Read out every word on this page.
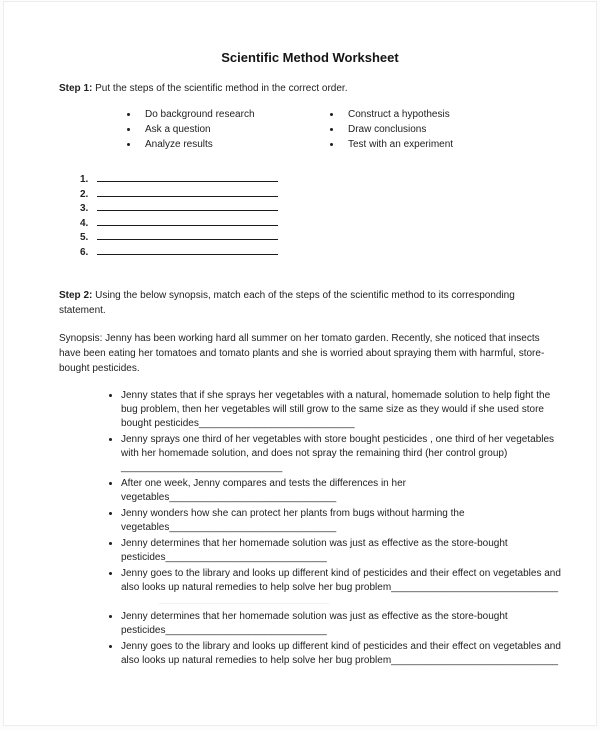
Scientific Method Worksheet

Step 1: Put the steps of the scientific method in the correct order.

• Do background research
• Ask a question
• Analyze results
• Construct a hypothesis
• Draw conclusions
• Test with an experiment
1.
2.
3.
4.
5.
6.

Step 2: Using the below synopsis, match each of the steps of the scientific method to its corresponding statement.

Synopsis: Jenny has been working hard all summer on her tomato garden. Recently, she noticed that insects have been eating her tomatoes and tomato plants and she is worried about spraying them with harmful, store-bought pesticides.

• Jenny states that if she sprays her vegetables with a natural, homemade solution to help fight the bug problem, then her vegetables will still grow to the same size as they would if she used store bought pesticides____________________________
• Jenny sprays one third of her vegetables with store bought pesticides , one third of her vegetables with her homemade solution, and does not spray the remaining third (her control group) _____________________________
• After one week, Jenny compares and tests the differences in her vegetables______________________________
• Jenny wonders how she can protect her plants from bugs without harming the vegetables______________________________
• Jenny determines that her homemade solution was just as effective as the store-bought pesticides_____________________________
• Jenny goes to the library and looks up different kind of pesticides and their effect on vegetables and also looks up natural remedies to help solve her bug problem______________________________
• Jenny determines that her homemade solution was just as effective as the store-bought pesticides_____________________________
• Jenny goes to the library and looks up different kind of pesticides and their effect on vegetables and also looks up natural remedies to help solve her bug problem______________________________
